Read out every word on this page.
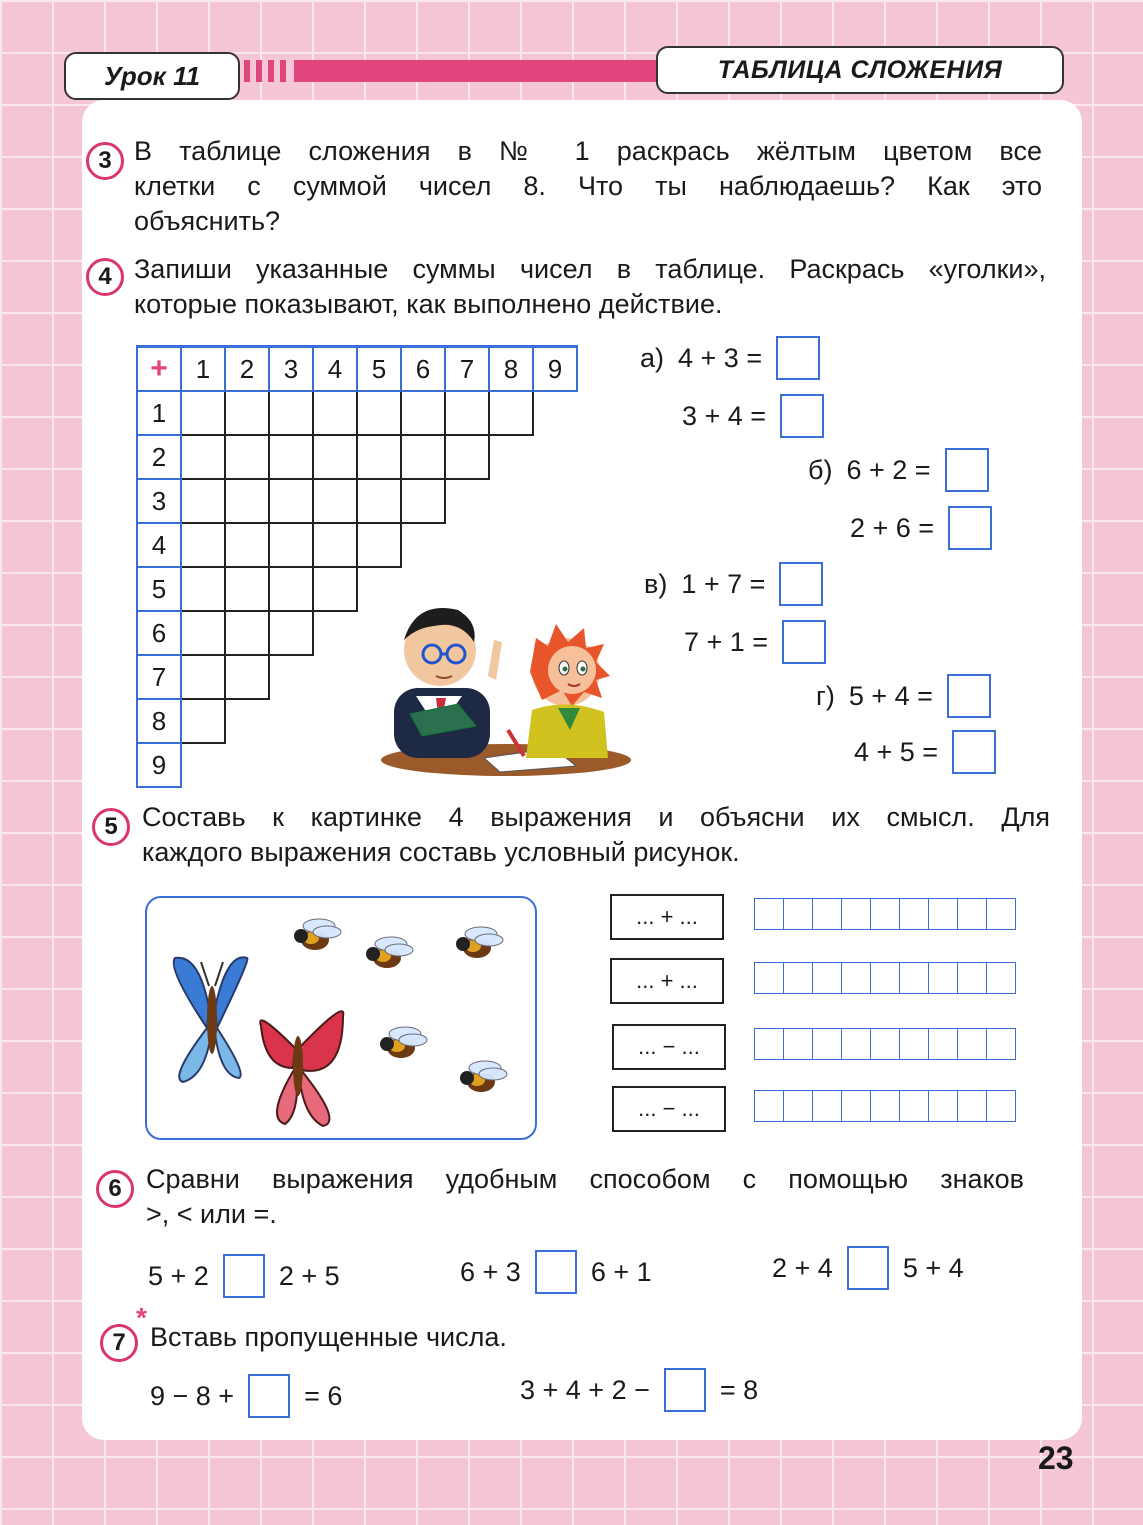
Урок 11	ТАБЛИЦА СЛОЖЕНИЯ
3 В таблице сложения в № 1 раскрась жёлтым цветом все
клетки с суммой чисел 8. Что ты наблюдаешь? Как это
объяснить?
4 Запиши указанные суммы чисел в таблице. Раскрась «уголки»,
которые показывают, как выполнено действие.
+	1	2	3	4	5	6	7	8	9
1									
2									
3									
4									
5									
6									
7									
8									
9									
а) 4 + 3 =
3 + 4 =
б) 6 + 2 =
2 + 6 =
в) 1 + 7 =
7 + 1 =
г) 5 + 4 =
4 + 5 =
5 Составь к картинке 4 выражения и объясни их смысл. Для
каждого выражения составь условный рисунок.
... + ...
... + ...
... − ...
... − ...
6 Сравни выражения удобным способом с помощью знаков
>, < или =.
5 + 2	2 + 5	6 + 3	6 + 1	2 + 4	5 + 4
7
*
Вставь пропущенные числа.
9 − 8 +	= 6	3 + 4 + 2 −	= 8
23
